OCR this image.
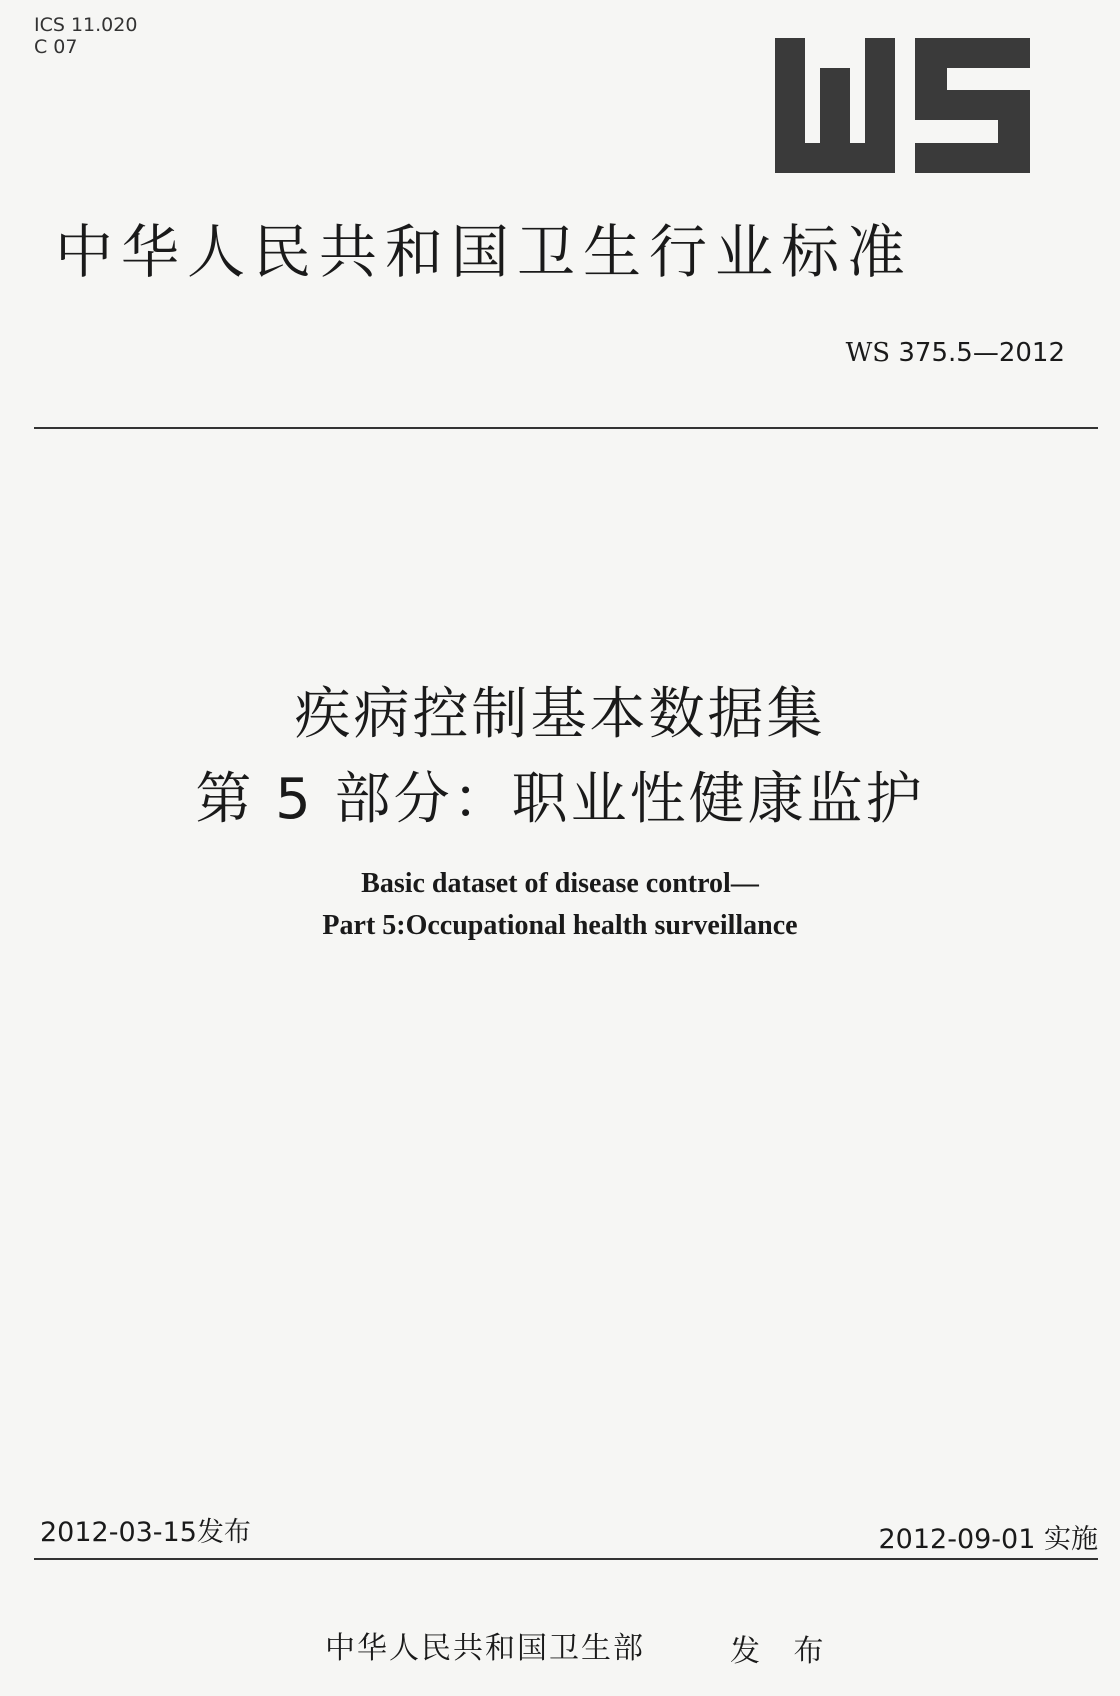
ICS 11.020
C 07
中华人民共和国卫生行业标准
WS 375.5—2012
疾病控制基本数据集
第 5 部分：职业性健康监护
Basic dataset of disease control—
Part 5:Occupational health surveillance
2012-03-15发布	2012-09-01 实施
中华人民共和国卫生部	发 布
